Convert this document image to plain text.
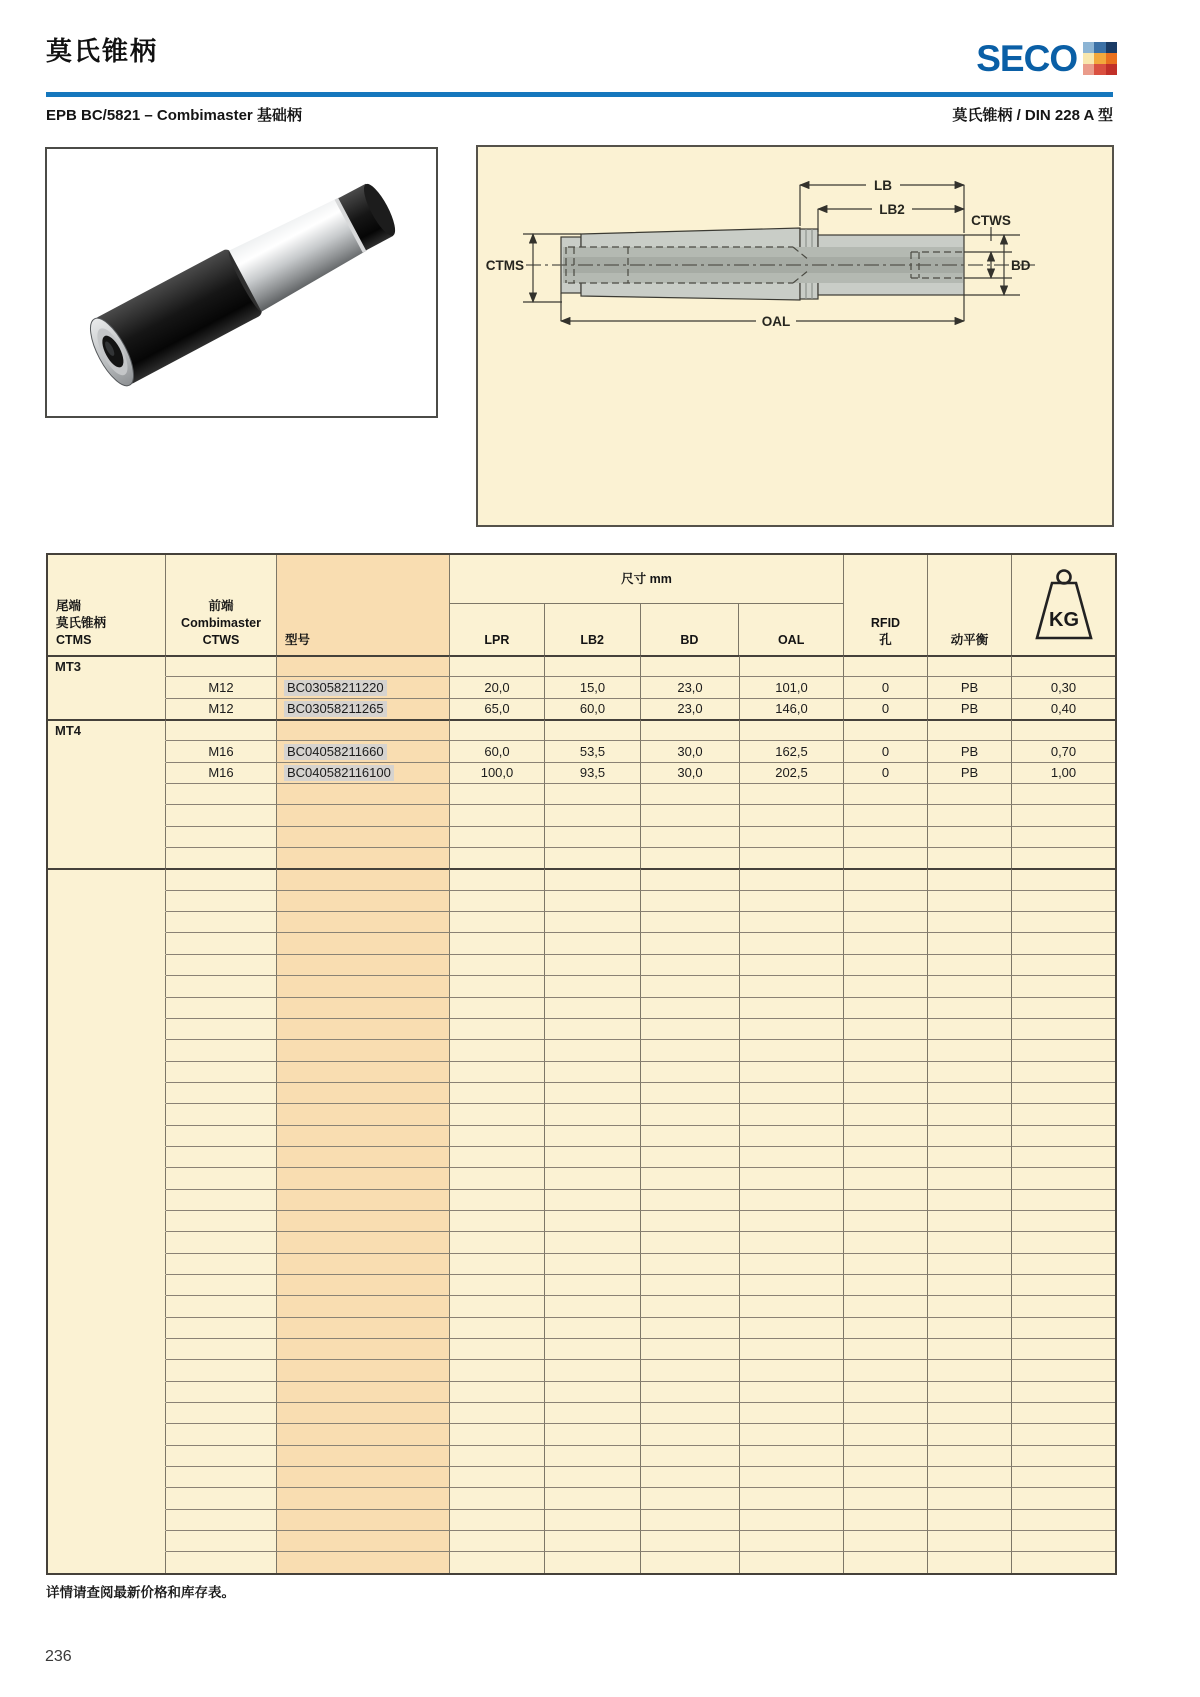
莫氏锥柄	SECO
EPB BC/5821 – Combimaster 基础柄	莫氏锥柄 / DIN 228 A 型
LB
LB2
CTWS
CTMS	BD
OAL
尾端
莫氏锥柄
CTMS
前端
Combimaster
CTWS	型号
尺寸 mm
LPR	LB2	BD	OAL
RFID
孔	动平衡
KG
MT3
M12	BC03058211220	20,0	15,0	23,0	101,0	0	PB	0,30
M12	BC03058211265	65,0	60,0	23,0	146,0	0	PB	0,40
MT4
M16	BC04058211660	60,0	53,5	30,0	162,5	0	PB	0,70
M16	BC040582116100	100,0	93,5	30,0	202,5	0	PB	1,00
详情请查阅最新价格和库存表。
236
